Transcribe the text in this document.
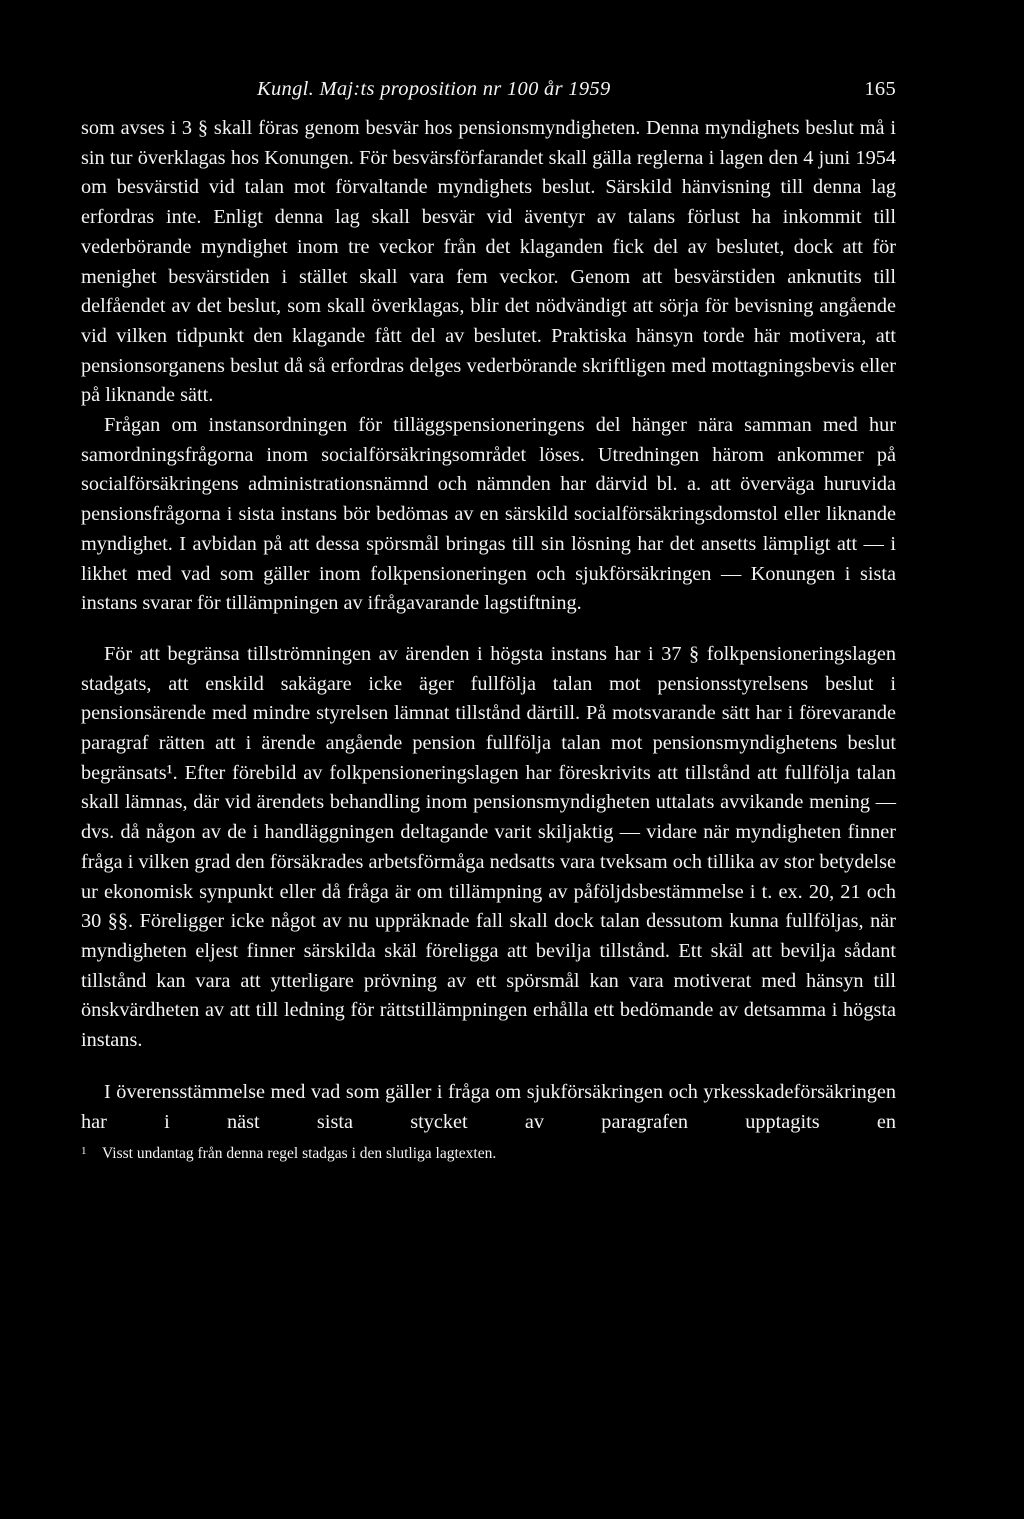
Kungl. Maj:ts proposition nr 100 år 1959	165

som avses i 3 § skall föras genom besvär hos pensionsmyndigheten. Denna myndighets beslut må i sin tur överklagas hos Konungen. För besvärsförfarandet skall gälla reglerna i lagen den 4 juni 1954 om besvärstid vid talan mot förvaltande myndighets beslut. Särskild hänvisning till denna lag erfordras inte. Enligt denna lag skall besvär vid äventyr av talans förlust ha inkommit till vederbörande myndighet inom tre veckor från det klaganden fick del av beslutet, dock att för menighet besvärstiden i stället skall vara fem veckor. Genom att besvärstiden anknutits till delfåendet av det beslut, som skall överklagas, blir det nödvändigt att sörja för bevisning angående vid vilken tidpunkt den klagande fått del av beslutet. Praktiska hänsyn torde här motivera, att pensionsorganens beslut då så erfordras delges vederbörande skriftligen med mottagningsbevis eller på liknande sätt.

Frågan om instansordningen för tilläggspensioneringens del hänger nära samman med hur samordningsfrågorna inom socialförsäkringsområdet löses. Utredningen härom ankommer på socialförsäkringens administrationsnämnd och nämnden har därvid bl. a. att överväga huruvida pensionsfrågorna i sista instans bör bedömas av en särskild socialförsäkringsdomstol eller liknande myndighet. I avbidan på att dessa spörsmål bringas till sin lösning har det ansetts lämpligt att — i likhet med vad som gäller inom folkpensioneringen och sjukförsäkringen — Konungen i sista instans svarar för tillämpningen av ifrågavarande lagstiftning.

För att begränsa tillströmningen av ärenden i högsta instans har i 37 § folkpensioneringslagen stadgats, att enskild sakägare icke äger fullfölja talan mot pensionsstyrelsens beslut i pensionsärende med mindre styrelsen lämnat tillstånd därtill. På motsvarande sätt har i förevarande paragraf rätten att i ärende angående pension fullfölja talan mot pensionsmyndighetens beslut begränsats¹. Efter förebild av folkpensioneringslagen har föreskrivits att tillstånd att fullfölja talan skall lämnas, där vid ärendets behandling inom pensionsmyndigheten uttalats avvikande mening — dvs. då någon av de i handläggningen deltagande varit skiljaktig — vidare när myndigheten finner fråga i vilken grad den försäkrades arbetsförmåga nedsatts vara tveksam och tillika av stor betydelse ur ekonomisk synpunkt eller då fråga är om tillämpning av påföljdsbestämmelse i t. ex. 20, 21 och 30 §§. Föreligger icke något av nu uppräknade fall skall dock talan dessutom kunna fullföljas, när myndigheten eljest finner särskilda skäl föreligga att bevilja tillstånd. Ett skäl att bevilja sådant tillstånd kan vara att ytterligare prövning av ett spörsmål kan vara motiverat med hänsyn till önskvärdheten av att till ledning för rättstillämpningen erhålla ett bedömande av detsamma i högsta instans.

I överensstämmelse med vad som gäller i fråga om sjukförsäkringen och yrkesskadeförsäkringen har i näst sista stycket av paragrafen upptagits en

1 Visst undantag från denna regel stadgas i den slutliga lagtexten.
